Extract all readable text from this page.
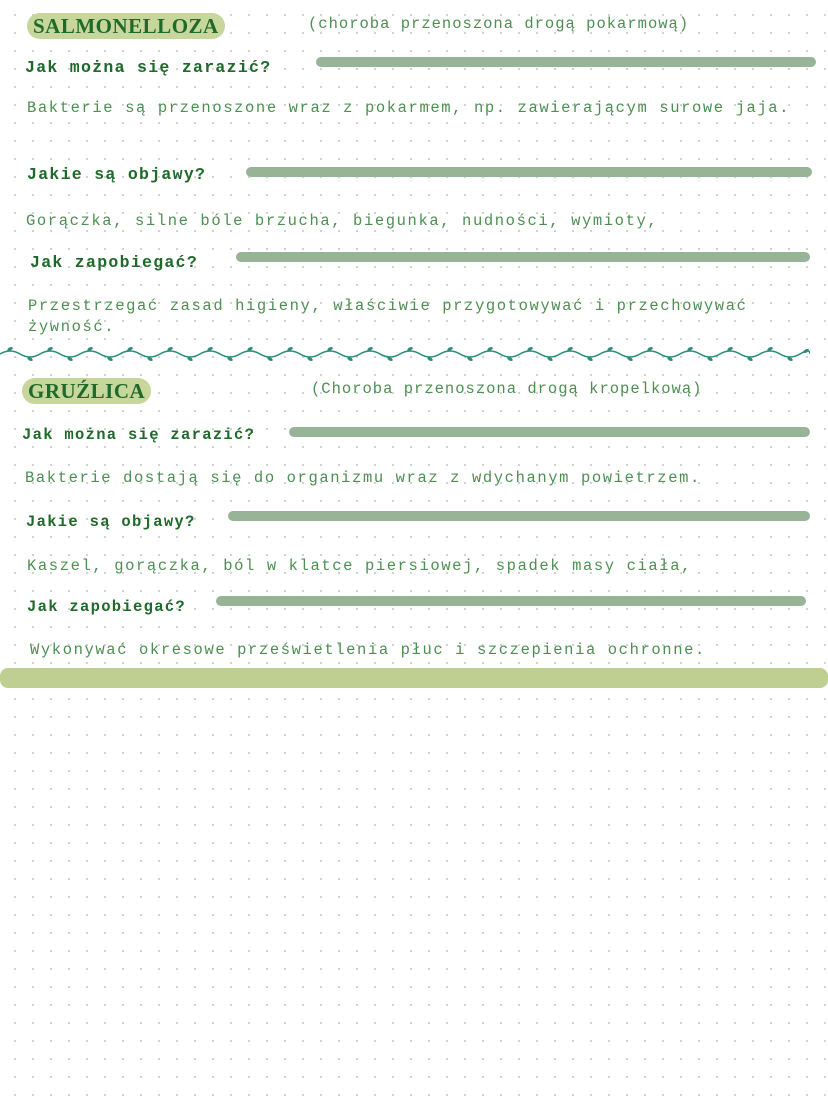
SALMONELLOZA	(choroba przenoszona drogą pokarmową)
Jak można się zarazić?
Bakterie są przenoszone wraz z pokarmem, np. zawierającym surowe jaja.
Jakie są objawy?
Gorączka, silne bóle brzucha, biegunka, nudności, wymioty,
Jak zapobiegać?
Przestrzegać zasad higieny, właściwie przygotowywać i przechowywać żywność.
GRUŹLICA	(Choroba przenoszona drogą kropelkową)
Jak można się zarazić?
Bakterie dostają się do organizmu wraz z wdychanym powietrzem.
Jakie są objawy?
Kaszel, gorączka, ból w klatce piersiowej, spadek masy ciała,
Jak zapobiegać?
Wykonywać okresowe prześwietlenia płuc i szczepienia ochronne.
